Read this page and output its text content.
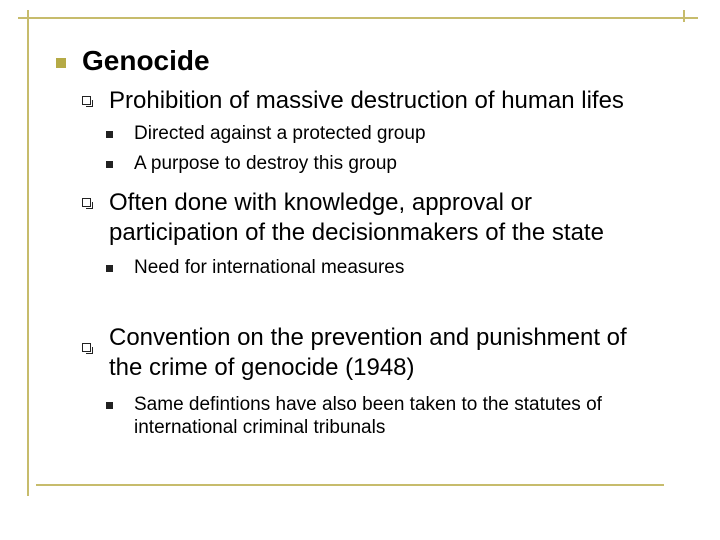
Genocide
Prohibition of massive destruction of human lifes
Directed against a protected group
A purpose to destroy this group
Often done with knowledge, approval or
participation of the decisionmakers of the state
Need for international measures
Convention on the prevention and punishment of
the crime of genocide (1948)
Same defintions have also been taken to the statutes of
international criminal tribunals
